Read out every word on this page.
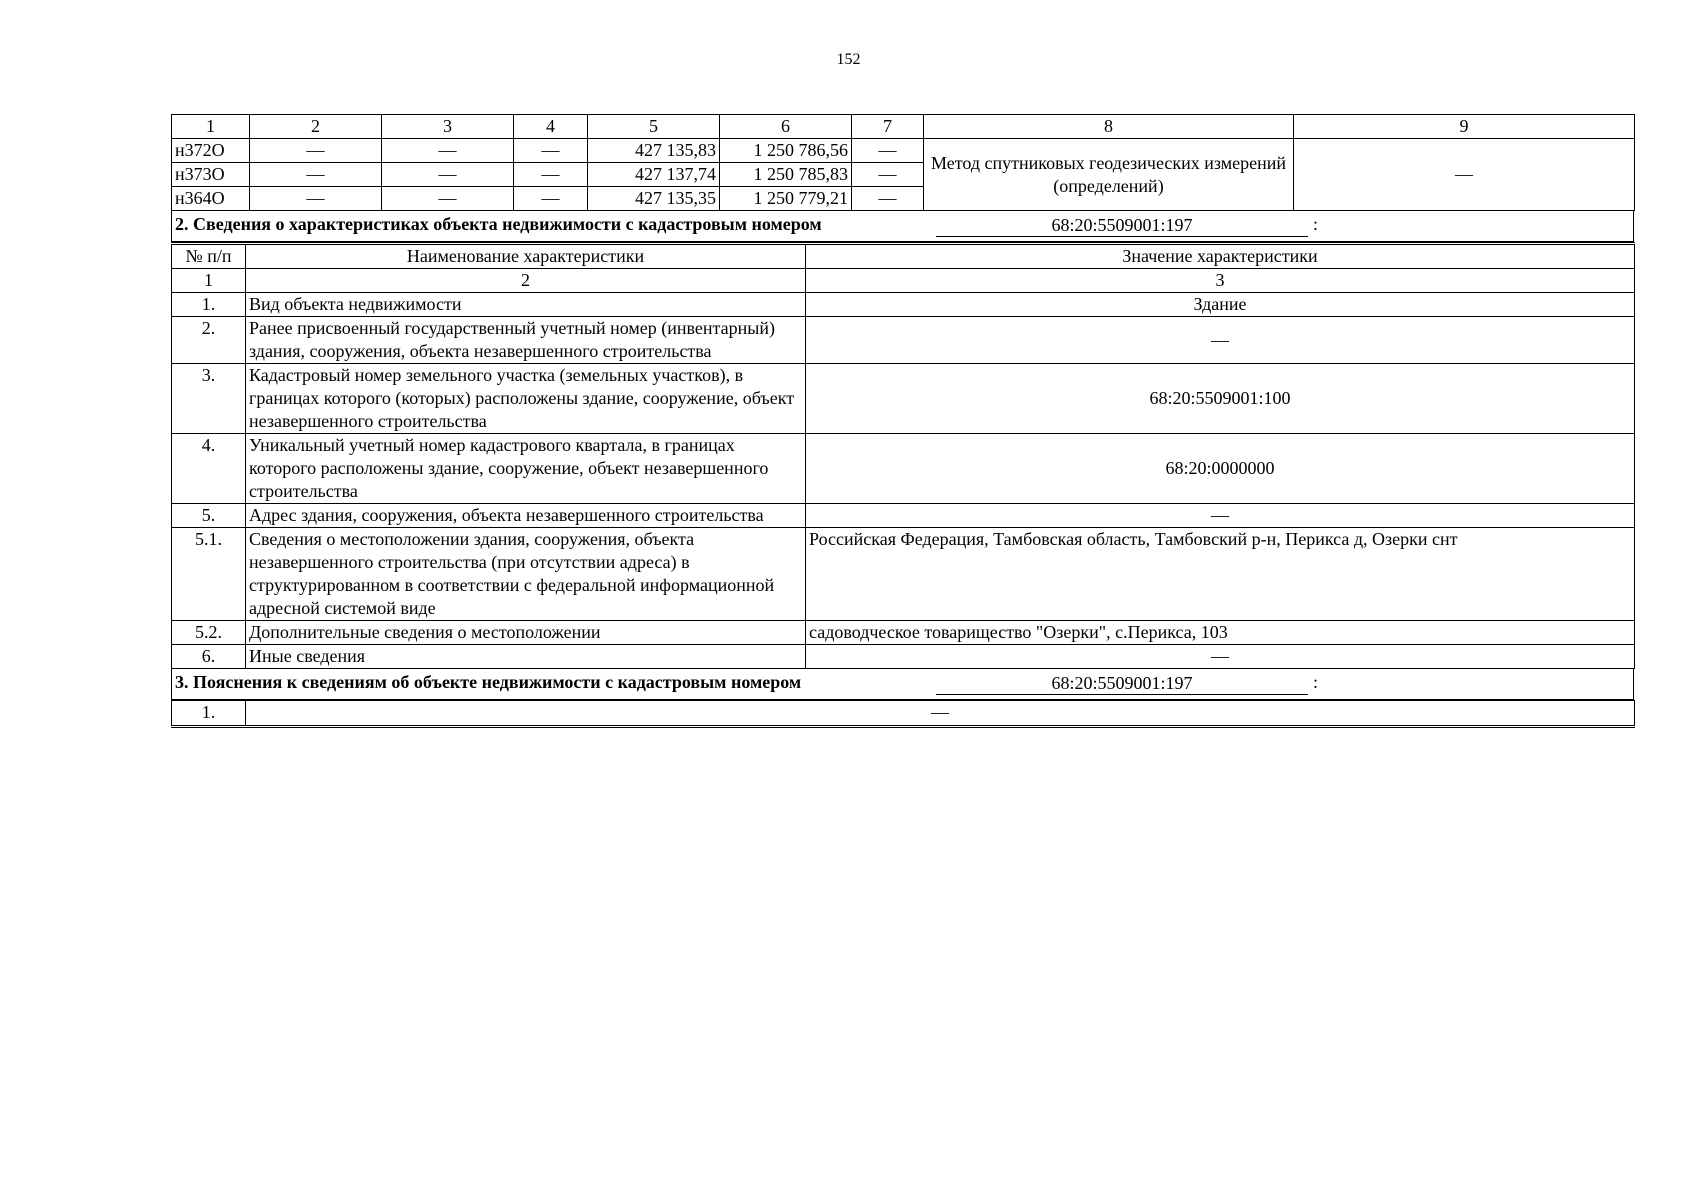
152
1	2	3	4	5	6	7	8	9
н372О	—	—	—	427 135,83	1 250 786,56	—	Метод спутниковых геодезических измерений (определений)	—
н373О	—	—	—	427 137,74	1 250 785,83	—		
н364О	—	—	—	427 135,35	1 250 779,21	—		
2. Сведения о характеристиках объекта недвижимости с кадастровым номером	68:20:5509001:197	:
№ п/п	Наименование характеристики	Значение характеристики
1	2	3
1.	Вид объекта недвижимости	Здание
2.	Ранее присвоенный государственный учетный номер (инвентарный) здания, сооружения, объекта незавершенного строительства	—
3.	Кадастровый номер земельного участка (земельных участков), в границах которого (которых) расположены здание, сооружение, объект незавершенного строительства	68:20:5509001:100
4.	Уникальный учетный номер кадастрового квартала, в границах которого расположены здание, сооружение, объект незавершенного строительства	68:20:0000000
5.	Адрес здания, сооружения, объекта незавершенного строительства	—
5.1.	Сведения о местоположении здания, сооружения, объекта незавершенного строительства (при отсутствии адреса) в структурированном в соответствии с федеральной информационной адресной системой виде	Российская Федерация, Тамбовская область, Тамбовский р-н, Перикса д, Озерки снт
5.2.	Дополнительные сведения о местоположении	садоводческое товарищество "Озерки", с.Перикса, 103
6.	Иные сведения	—
3. Пояснения к сведениям об объекте недвижимости с кадастровым номером	68:20:5509001:197	:
1.	—
